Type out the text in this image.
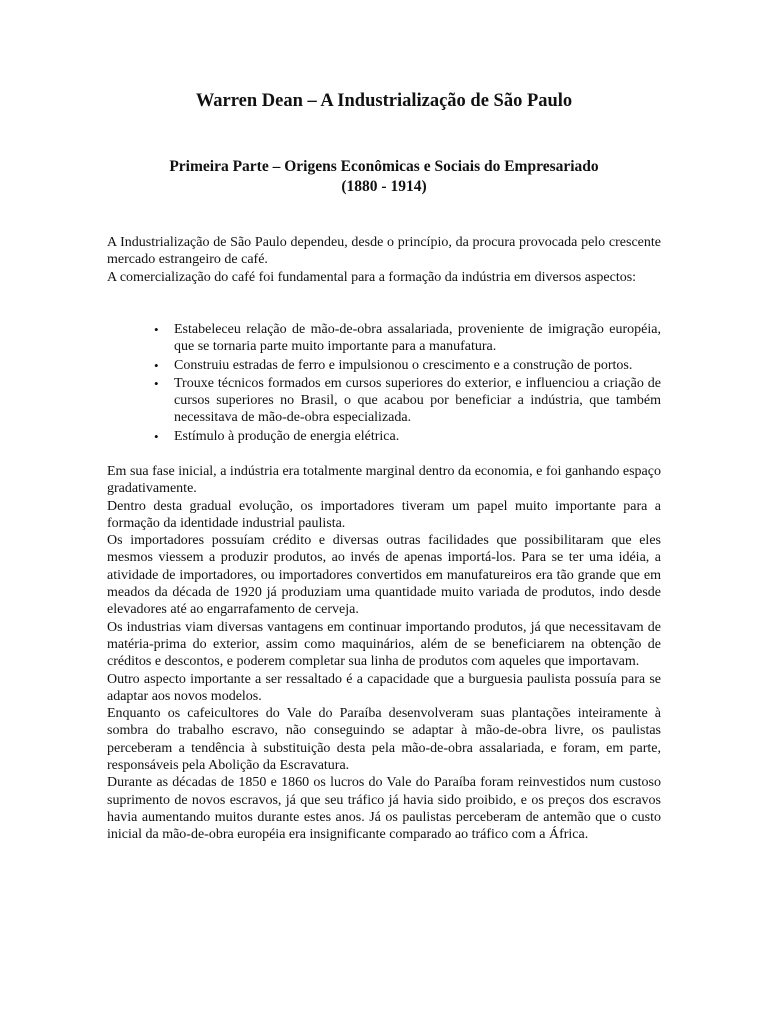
Warren Dean – A Industrialização de São Paulo
Primeira Parte – Origens Econômicas e Sociais do Empresariado
(1880 - 1914)

A Industrialização de São Paulo dependeu, desde o princípio, da procura provocada pelo crescente mercado estrangeiro de café.

A comercialização do café foi fundamental para a formação da indústria em diversos aspectos:

• Estabeleceu relação de mão-de-obra assalariada, proveniente de imigração européia, que se tornaria parte muito importante para a manufatura.
• Construiu estradas de ferro e impulsionou o crescimento e a construção de portos.
• Trouxe técnicos formados em cursos superiores do exterior, e influenciou a criação de cursos superiores no Brasil, o que acabou por beneficiar a indústria, que também necessitava de mão-de-obra especializada.
• Estímulo à produção de energia elétrica.

Em sua fase inicial, a indústria era totalmente marginal dentro da economia, e foi ganhando espaço gradativamente.

Dentro desta gradual evolução, os importadores tiveram um papel muito importante para a formação da identidade industrial paulista.

Os importadores possuíam crédito e diversas outras facilidades que possibilitaram que eles mesmos viessem a produzir produtos, ao invés de apenas importá-los. Para se ter uma idéia, a atividade de importadores, ou importadores convertidos em manufatureiros era tão grande que em meados da década de 1920 já produziam uma quantidade muito variada de produtos, indo desde elevadores até ao engarrafamento de cerveja.

Os industrias viam diversas vantagens em continuar importando produtos, já que necessitavam de matéria-prima do exterior, assim como maquinários, além de se beneficiarem na obtenção de créditos e descontos, e poderem completar sua linha de produtos com aqueles que importavam.

Outro aspecto importante a ser ressaltado é a capacidade que a burguesia paulista possuía para se adaptar aos novos modelos.

Enquanto os cafeicultores do Vale do Paraíba desenvolveram suas plantações inteiramente à sombra do trabalho escravo, não conseguindo se adaptar à mão-de-obra livre, os paulistas perceberam a tendência à substituição desta pela mão-de-obra assalariada, e foram, em parte, responsáveis pela Abolição da Escravatura.

Durante as décadas de 1850 e 1860 os lucros do Vale do Paraíba foram reinvestidos num custoso suprimento de novos escravos, já que seu tráfico já havia sido proibido, e os preços dos escravos havia aumentando muitos durante estes anos. Já os paulistas perceberam de antemão que o custo inicial da mão-de-obra européia era insignificante comparado ao tráfico com a África.
